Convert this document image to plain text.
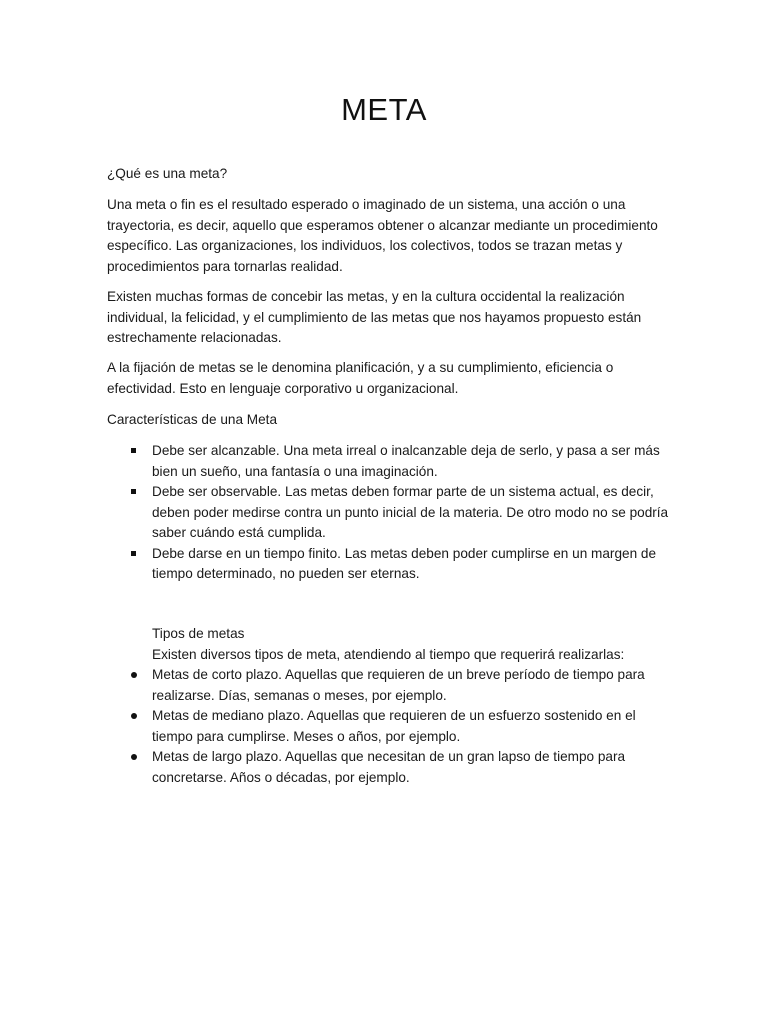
META

¿Qué es una meta?

Una meta o fin es el resultado esperado o imaginado de un sistema, una acción o una trayectoria, es decir, aquello que esperamos obtener o alcanzar mediante un procedimiento específico. Las organizaciones, los individuos, los colectivos, todos se trazan metas y procedimientos para tornarlas realidad.

Existen muchas formas de concebir las metas, y en la cultura occidental la realización individual, la felicidad, y el cumplimiento de las metas que nos hayamos propuesto están estrechamente relacionadas.

A la fijación de metas se le denomina planificación, y a su cumplimiento, eficiencia o efectividad. Esto en lenguaje corporativo u organizacional.

Características de una Meta

Debe ser alcanzable. Una meta irreal o inalcanzable deja de serlo, y pasa a ser más bien un sueño, una fantasía o una imaginación.
Debe ser observable. Las metas deben formar parte de un sistema actual, es decir, deben poder medirse contra un punto inicial de la materia. De otro modo no se podría saber cuándo está cumplida.
Debe darse en un tiempo finito. Las metas deben poder cumplirse en un margen de tiempo determinado, no pueden ser eternas.

Tipos de metas

Existen diversos tipos de meta, atendiendo al tiempo que requerirá realizarlas:

Metas de corto plazo. Aquellas que requieren de un breve período de tiempo para realizarse. Días, semanas o meses, por ejemplo.
Metas de mediano plazo. Aquellas que requieren de un esfuerzo sostenido en el tiempo para cumplirse. Meses o años, por ejemplo.
Metas de largo plazo. Aquellas que necesitan de un gran lapso de tiempo para concretarse. Años o décadas, por ejemplo.
